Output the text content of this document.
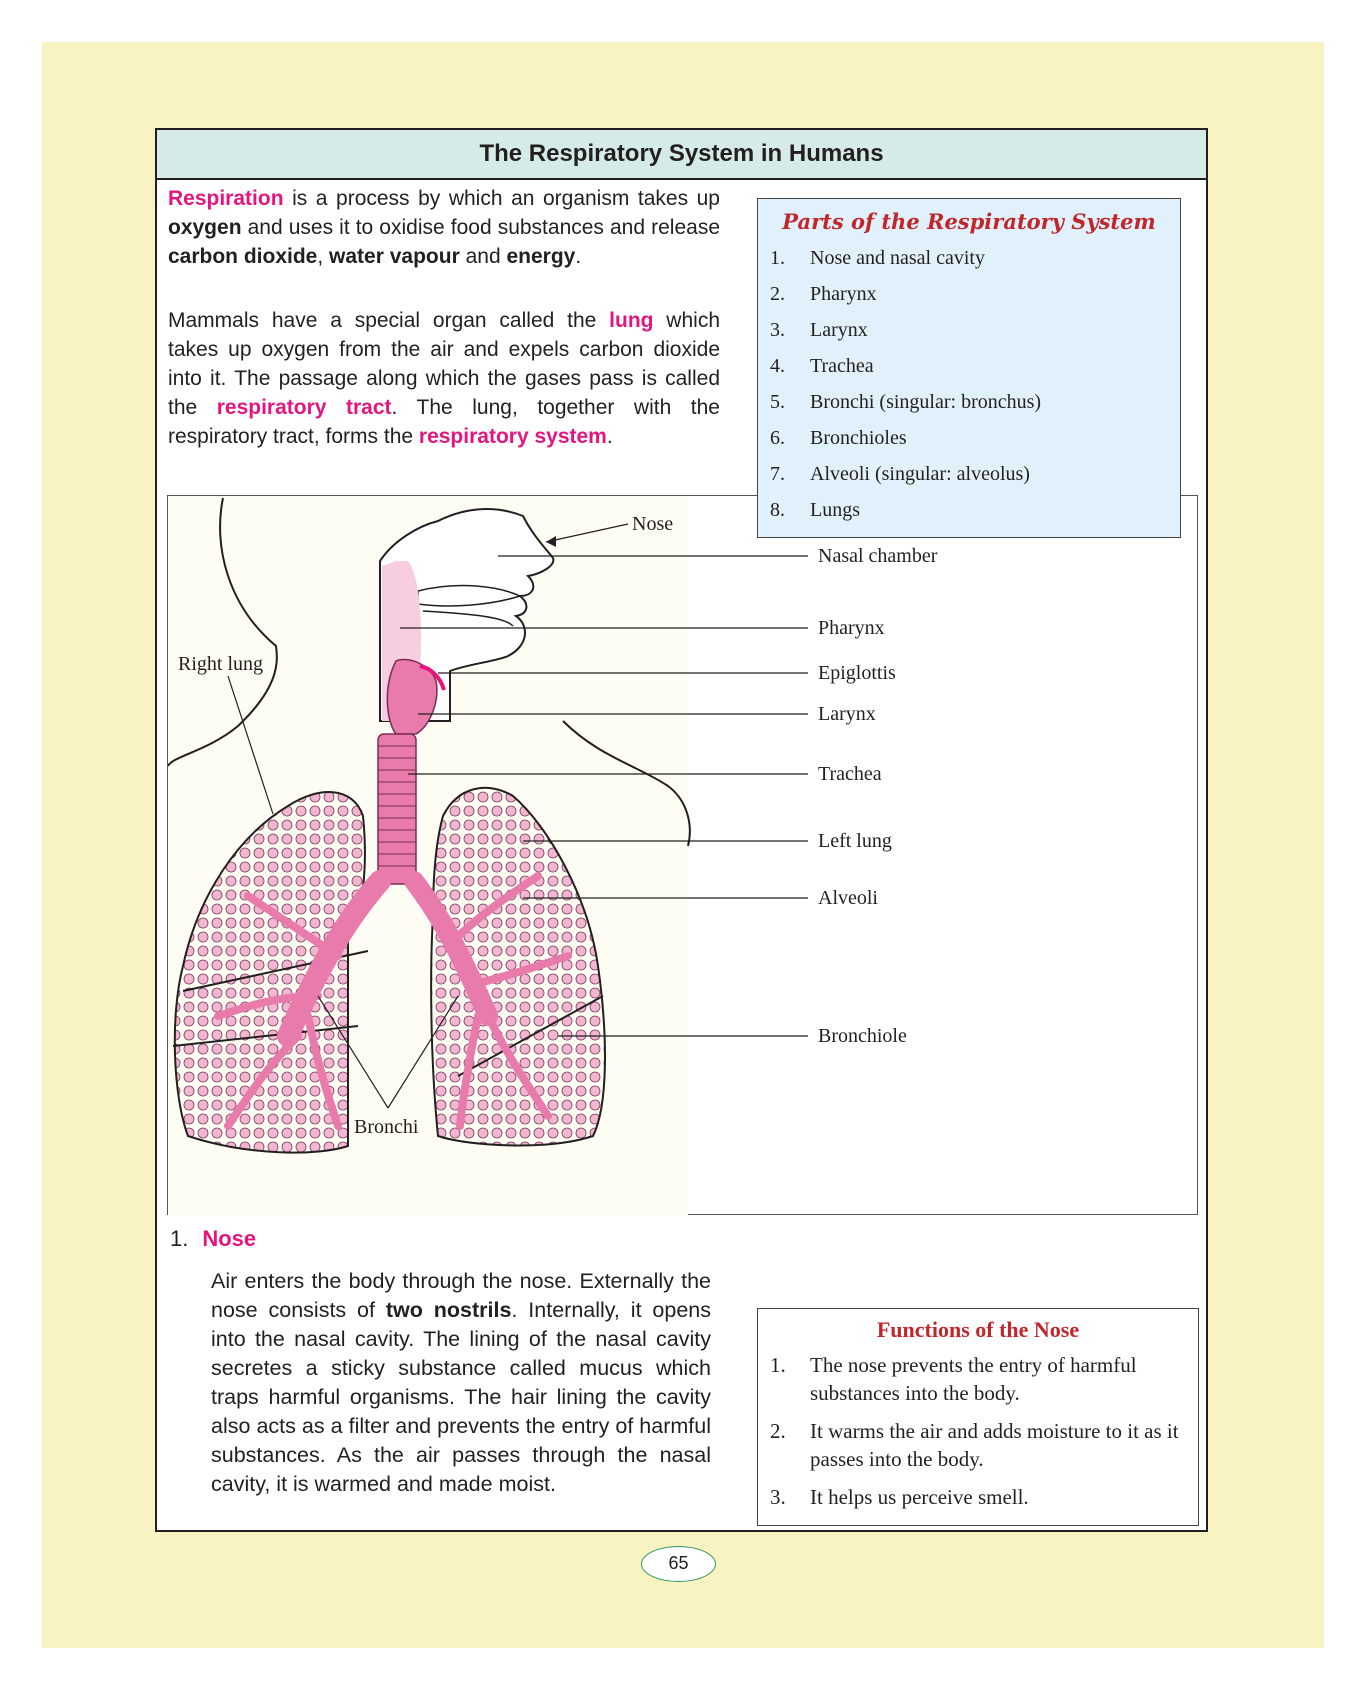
The Respiratory System in Humans

Respiration is a process by which an organism takes up oxygen and uses it to oxidise food substances and release carbon dioxide, water vapour and energy.

Mammals have a special organ called the lung which takes up oxygen from the air and expels carbon dioxide into it. The passage along which the gases pass is called the respiratory tract. The lung, together with the respiratory tract, forms the respiratory system.

Nose
Nasal chamber
Pharynx
Right lung	Epiglottis
Larynx
Trachea
Left lung
Alveoli
Bronchiole
Bronchi
Parts of the Respiratory System
1.	Nose and nasal cavity
2.	Pharynx
3.	Larynx
4.	Trachea
5.	Bronchi (singular: bronchus)
6.	Bronchioles
7.	Alveoli (singular: alveolus)
8.	Lungs
1. Nose

Air enters the body through the nose. Externally the nose consists of two nostrils. Internally, it opens into the nasal cavity. The lining of the nasal cavity secretes a sticky substance called mucus which traps harmful organisms. The hair lining the cavity also acts as a filter and prevents the entry of harmful substances. As the air passes through the nasal cavity, it is warmed and made moist.

Functions of the Nose
1.	The nose prevents the entry of harmful substances into the body.
2.	It warms the air and adds moisture to it as it passes into the body.
3.	It helps us perceive smell.
65
